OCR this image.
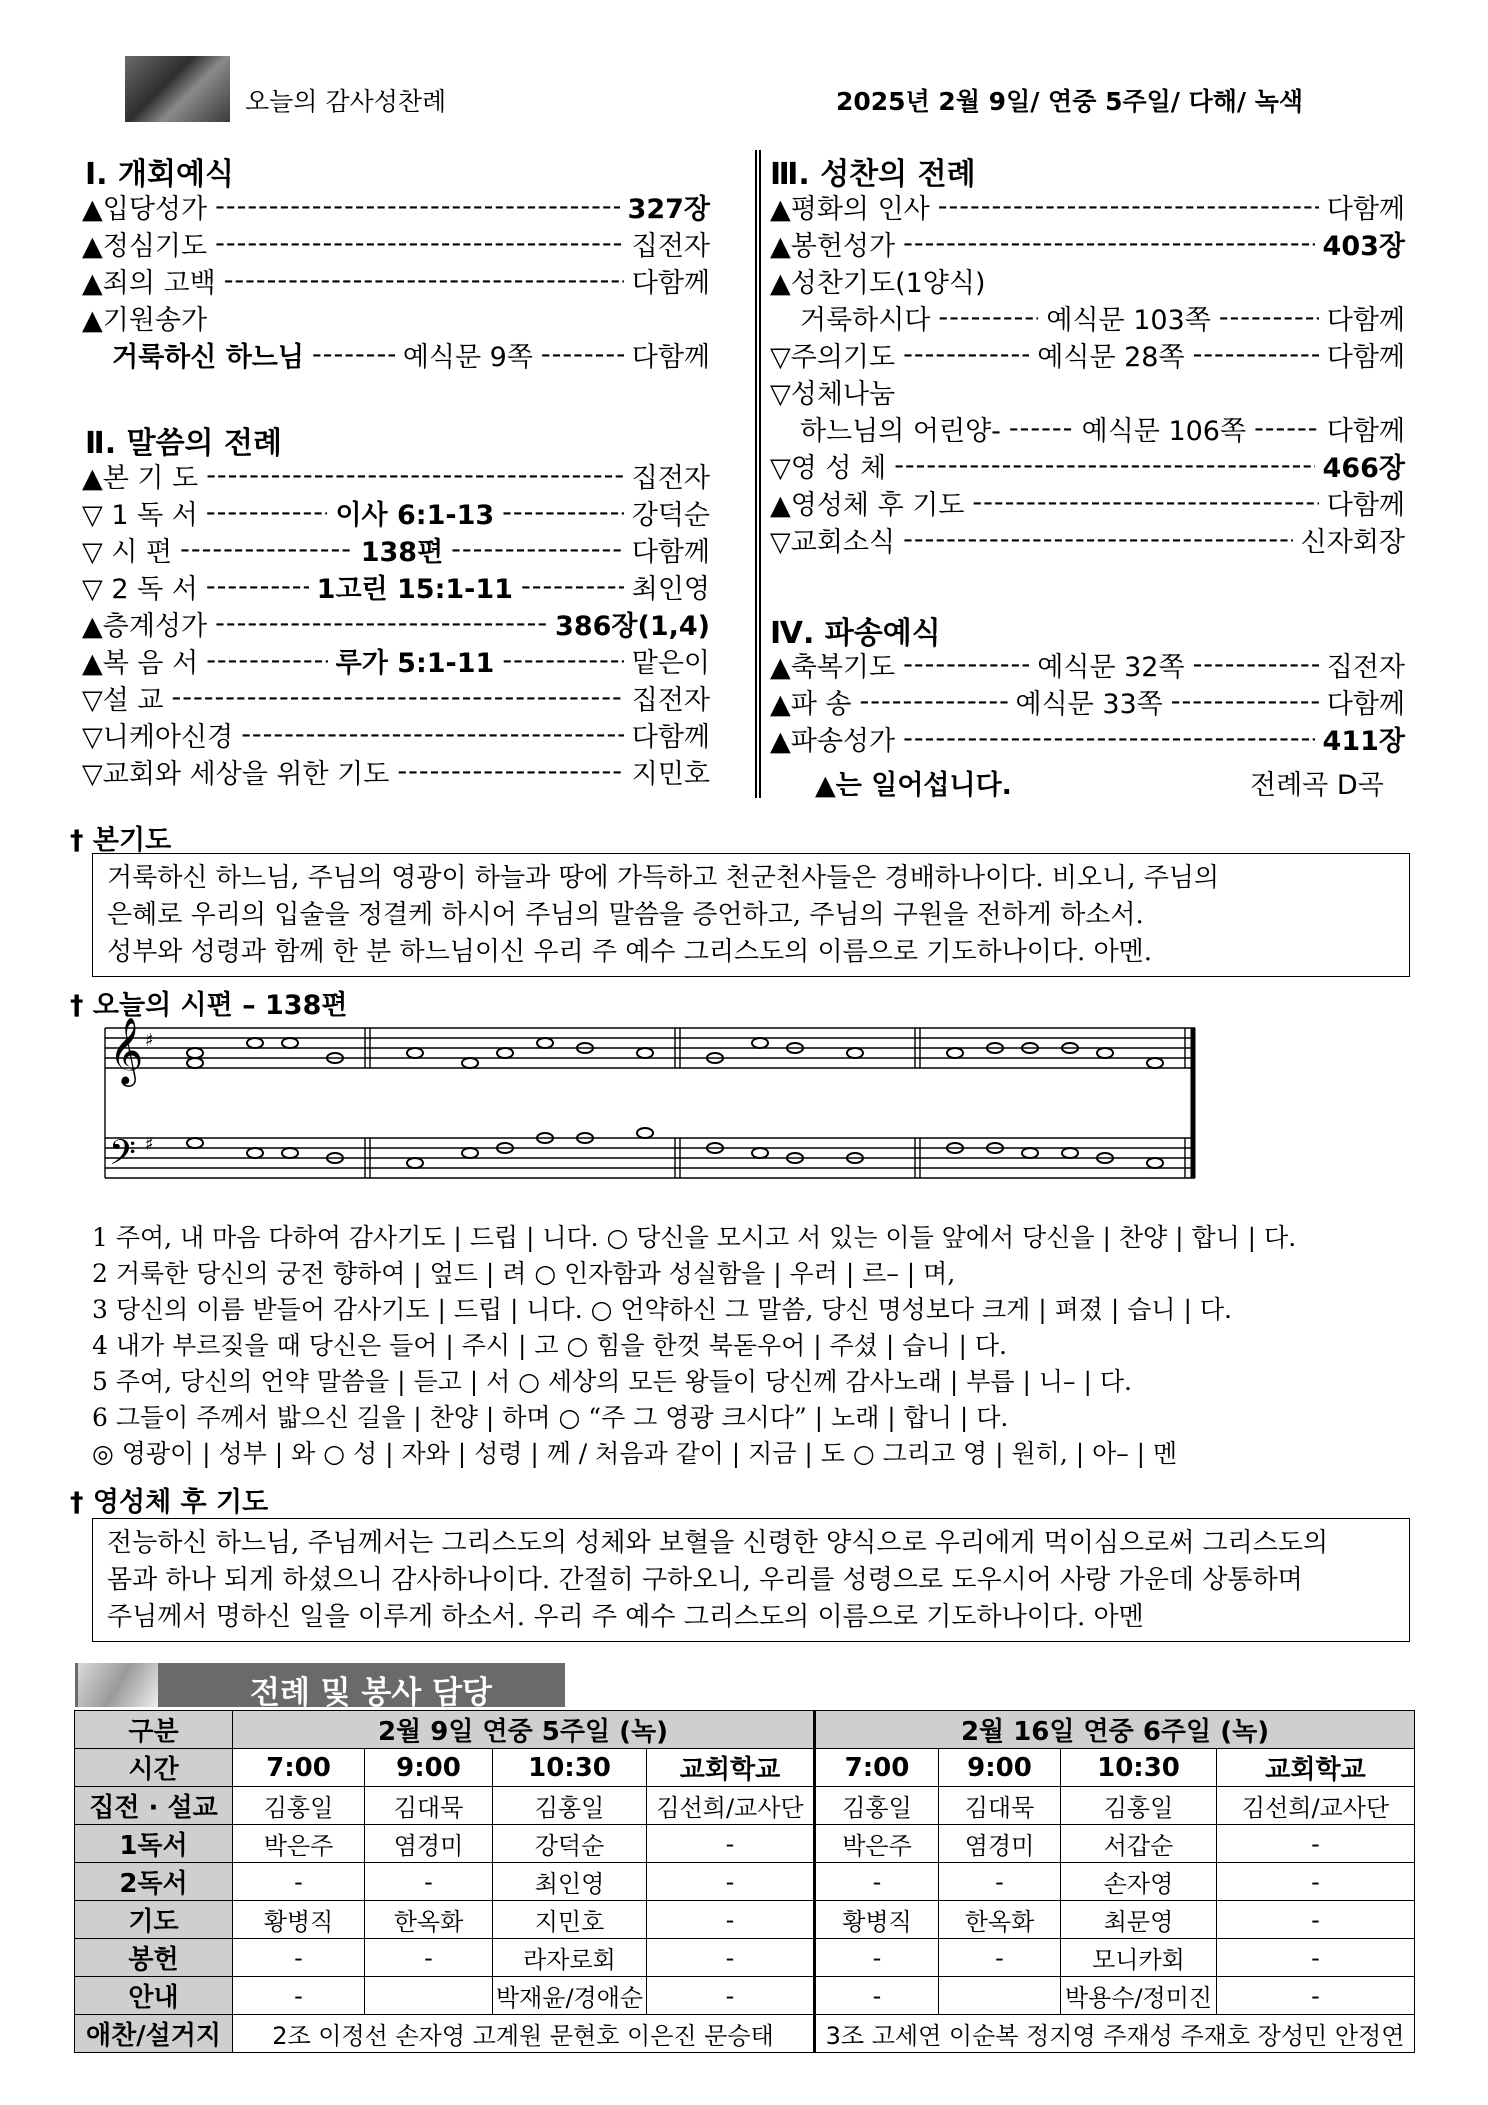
오늘의 감사성찬례	2025년 2월 9일/ 연중 5주일/ 다해/ 녹색
Ⅰ. 개회예식
▲입당성가 -----	327장
▲정심기도 -----	집전자
▲죄의 고백 -----	다함께
▲기원송가
거룩하신 하느님 -----	예식문 9쪽 -----	다함께
Ⅱ. 말씀의 전례
▲본 기 도 -----	집전자
▽ 1 독 서 -----	이사 6:1-13 -----	강덕순
▽ 시 편 -----	138편 -----	다함께
▽ 2 독 서 -----	1고린 15:1-11 -----	최인영
▲층계성가 -----	386장(1,4)
▲복 음 서 -----	루가 5:1-11 -----	맡은이
▽설 교 -----	집전자
▽니케아신경 -----	다함께
▽교회와 세상을 위한 기도 -----	지민호
Ⅲ. 성찬의 전례
▲평화의 인사 -----	다함께
▲봉헌성가 -----	403장
▲성찬기도(1양식)
거룩하시다 -----	예식문 103쪽 -----	다함께
▽주의기도 -----	예식문 28쪽 -----	다함께
▽성체나눔
하느님의 어린양- -----	예식문 106쪽 -----	다함께
▽영 성 체 -----	466장
▲영성체 후 기도 -----	다함께
▽교회소식 -----	신자회장
Ⅳ. 파송예식
▲축복기도 -----	예식문 32쪽 -----	집전자
▲파 송 -----	예식문 33쪽 -----	다함께
▲파송성가 -----	411장
▲는 일어섭니다.	전례곡 D곡
† 본기도
거룩하신 하느님, 주님의 영광이 하늘과 땅에 가득하고 천군천사들은 경배하나이다. 비오니, 주님의
은혜로 우리의 입술을 정결케 하시어 주님의 말씀을 증언하고, 주님의 구원을 전하게 하소서.
성부와 성령과 함께 한 분 하느님이신 우리 주 예수 그리스도의 이름으로 기도하나이다. 아멘.
† 오늘의 시편 – 138편
𝄞
𝄢
♯
♯
1 주여, 내 마음 다하여 감사기도 | 드립 | 니다. ○ 당신을 모시고 서 있는 이들 앞에서 당신을 | 찬양 | 합니 | 다.
2 거룩한 당신의 궁전 향하여 | 엎드 | 려 ○ 인자함과 성실함을 | 우러 | 르– | 며,
3 당신의 이름 받들어 감사기도 | 드립 | 니다. ○ 언약하신 그 말씀, 당신 명성보다 크게 | 펴졌 | 습니 | 다.
4 내가 부르짖을 때 당신은 들어 | 주시 | 고 ○ 힘을 한껏 북돋우어 | 주셨 | 습니 | 다.
5 주여, 당신의 언약 말씀을 | 듣고 | 서 ○ 세상의 모든 왕들이 당신께 감사노래 | 부릅 | 니– | 다.
6 그들이 주께서 밟으신 길을 | 찬양 | 하며 ○ “주 그 영광 크시다” | 노래 | 합니 | 다.
◎ 영광이 | 성부 | 와 ○ 성 | 자와 | 성령 | 께 / 처음과 같이 | 지금 | 도 ○ 그리고 영 | 원히, | 아– | 멘
† 영성체 후 기도
전능하신 하느님, 주님께서는 그리스도의 성체와 보혈을 신령한 양식으로 우리에게 먹이심으로써 그리스도의
몸과 하나 되게 하셨으니 감사하나이다. 간절히 구하오니, 우리를 성령으로 도우시어 사랑 가운데 상통하며
주님께서 명하신 일을 이루게 하소서. 우리 주 예수 그리스도의 이름으로 기도하나이다. 아멘
전례 및 봉사 담당
구분	2월 9일 연중 5주일 (녹)				2월 16일 연중 6주일 (녹)			
시간	7:00	9:00	10:30	교회학교	7:00	9:00	10:30	교회학교
집전 · 설교	김홍일	김대묵	김홍일	김선희/교사단	김홍일	김대묵	김홍일	김선희/교사단
1독서	박은주	염경미	강덕순	-	박은주	염경미	서갑순	-
2독서	-	-	최인영	-	-	-	손자영	-
기도	황병직	한옥화	지민호	-	황병직	한옥화	최문영	-
봉헌	-	-	라자로회	-	-	-	모니카회	-
안내	-		박재윤/경애순	-	-		박용수/정미진	-
애찬/설거지	2조 이정선 손자영 고계원 문현호 이은진 문승태				3조 고세연 이순복 정지영 주재성 주재호 장성민 안정연			
